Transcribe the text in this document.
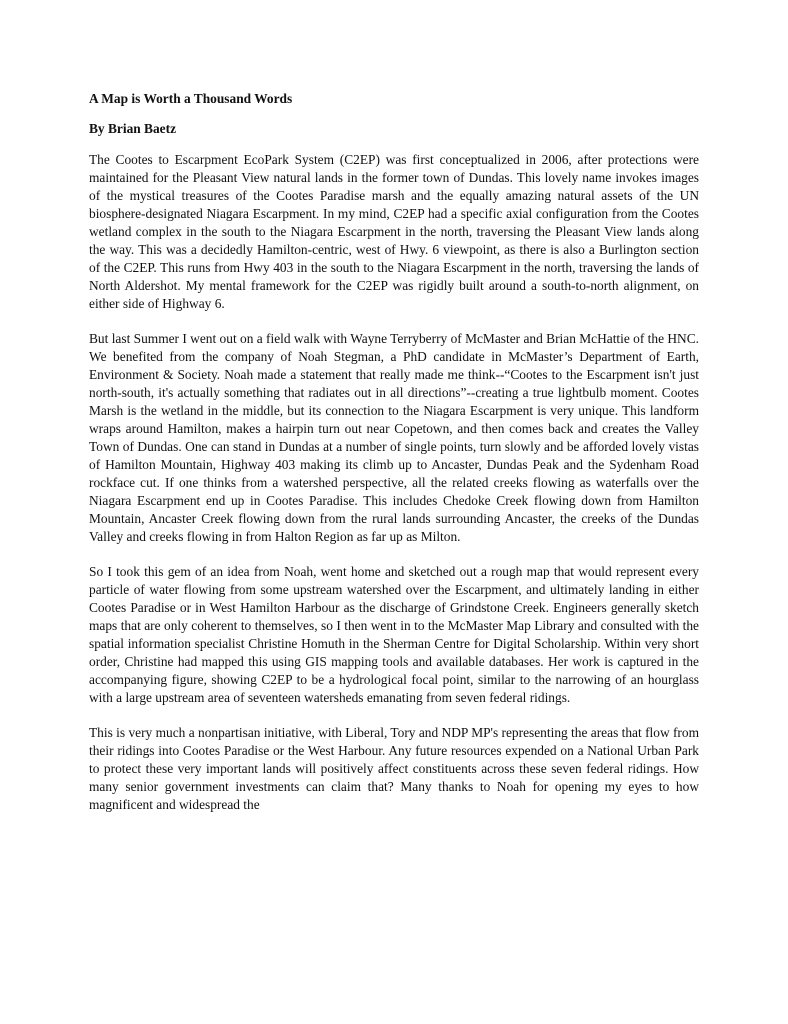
A Map is Worth a Thousand Words
By Brian Baetz

The Cootes to Escarpment EcoPark System (C2EP) was first conceptualized in 2006, after protections were maintained for the Pleasant View natural lands in the former town of Dundas. This lovely name invokes images of the mystical treasures of the Cootes Paradise marsh and the equally amazing natural assets of the UN biosphere-designated Niagara Escarpment. In my mind, C2EP had a specific axial configuration from the Cootes wetland complex in the south to the Niagara Escarpment in the north, traversing the Pleasant View lands along the way. This was a decidedly Hamilton-centric, west of Hwy. 6 viewpoint, as there is also a Burlington section of the C2EP. This runs from Hwy 403 in the south to the Niagara Escarpment in the north, traversing the lands of North Aldershot. My mental framework for the C2EP was rigidly built around a south-to-north alignment, on either side of Highway 6.

But last Summer I went out on a field walk with Wayne Terryberry of McMaster and Brian McHattie of the HNC. We benefited from the company of Noah Stegman, a PhD candidate in McMaster’s Department of Earth, Environment & Society. Noah made a statement that really made me think--“Cootes to the Escarpment isn't just north-south, it's actually something that radiates out in all directions”--creating a true lightbulb moment. Cootes Marsh is the wetland in the middle, but its connection to the Niagara Escarpment is very unique. This landform wraps around Hamilton, makes a hairpin turn out near Copetown, and then comes back and creates the Valley Town of Dundas. One can stand in Dundas at a number of single points, turn slowly and be afforded lovely vistas of Hamilton Mountain, Highway 403 making its climb up to Ancaster, Dundas Peak and the Sydenham Road rockface cut. If one thinks from a watershed perspective, all the related creeks flowing as waterfalls over the Niagara Escarpment end up in Cootes Paradise. This includes Chedoke Creek flowing down from Hamilton Mountain, Ancaster Creek flowing down from the rural lands surrounding Ancaster, the creeks of the Dundas Valley and creeks flowing in from Halton Region as far up as Milton.

So I took this gem of an idea from Noah, went home and sketched out a rough map that would represent every particle of water flowing from some upstream watershed over the Escarpment, and ultimately landing in either Cootes Paradise or in West Hamilton Harbour as the discharge of Grindstone Creek. Engineers generally sketch maps that are only coherent to themselves, so I then went in to the McMaster Map Library and consulted with the spatial information specialist Christine Homuth in the Sherman Centre for Digital Scholarship. Within very short order, Christine had mapped this using GIS mapping tools and available databases. Her work is captured in the accompanying figure, showing C2EP to be a hydrological focal point, similar to the narrowing of an hourglass with a large upstream area of seventeen watersheds emanating from seven federal ridings.

This is very much a nonpartisan initiative, with Liberal, Tory and NDP MP's representing the areas that flow from their ridings into Cootes Paradise or the West Harbour. Any future resources expended on a National Urban Park to protect these very important lands will positively affect constituents across these seven federal ridings. How many senior government investments can claim that? Many thanks to Noah for opening my eyes to how magnificent and widespread the
